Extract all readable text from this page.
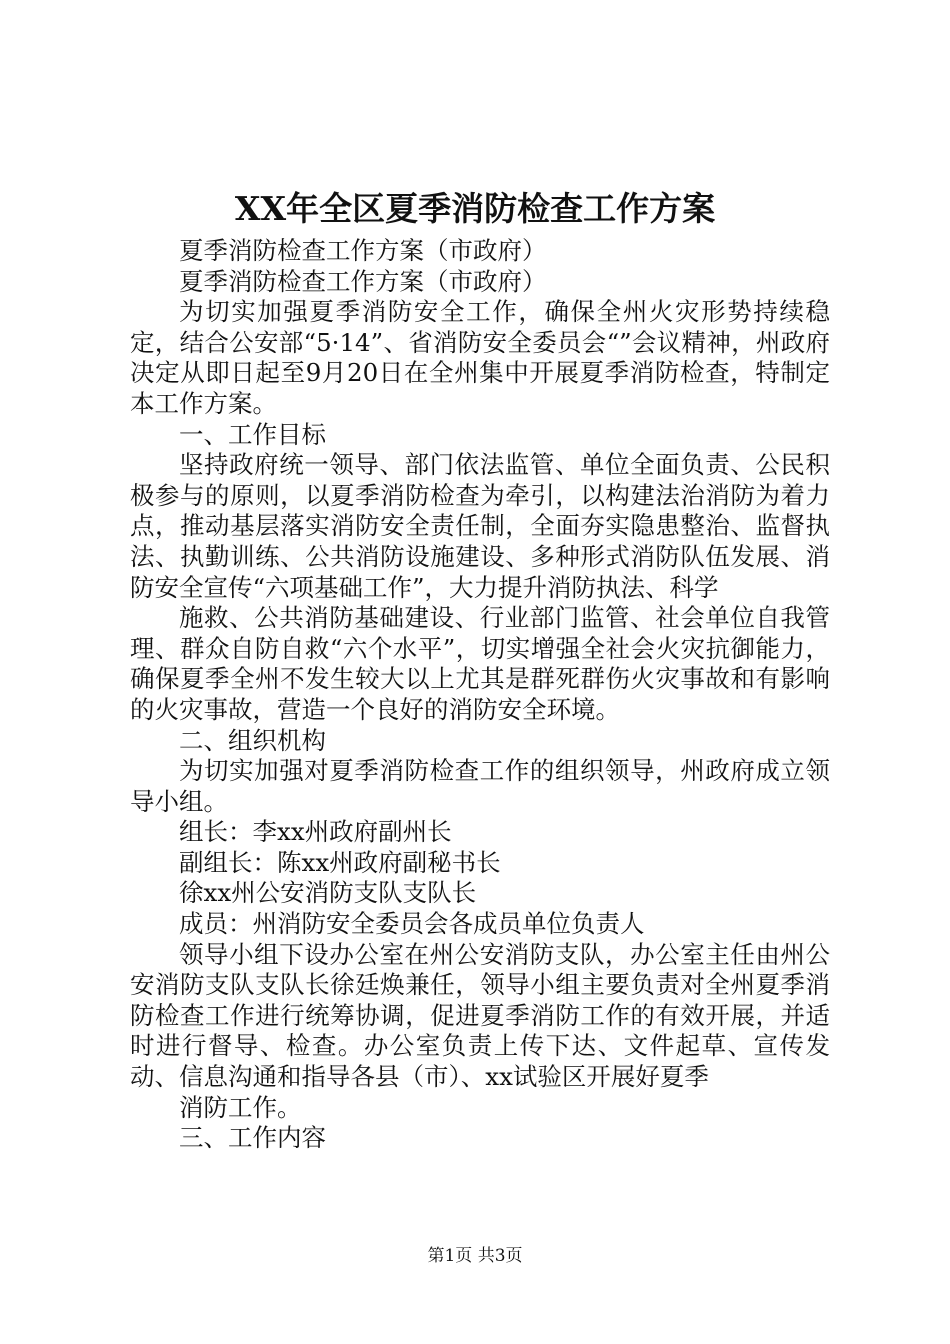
XX年全区夏季消防检查工作方案

夏季消防检查工作方案（市政府）

夏季消防检查工作方案（市政府）

为切实加强夏季消防安全工作，确保全州火灾形势持续稳定，结合公安部“5·14”、省消防安全委员会“”会议精神，州政府决定从即日起至9月20日在全州集中开展夏季消防检查，特制定本工作方案。

一、工作目标

坚持政府统一领导、部门依法监管、单位全面负责、公民积极参与的原则，以夏季消防检查为牵引，以构建法治消防为着力点，推动基层落实消防安全责任制，全面夯实隐患整治、监督执法、执勤训练、公共消防设施建设、多种形式消防队伍发展、消防安全宣传“六项基础工作”，大力提升消防执法、科学

施救、公共消防基础建设、行业部门监管、社会单位自我管理、群众自防自救“六个水平”，切实增强全社会火灾抗御能力，确保夏季全州不发生较大以上尤其是群死群伤火灾事故和有影响的火灾事故，营造一个良好的消防安全环境。

二、组织机构

为切实加强对夏季消防检查工作的组织领导，州政府成立领导小组。

组长：李xx州政府副州长

副组长：陈xx州政府副秘书长

徐xx州公安消防支队支队长

成员：州消防安全委员会各成员单位负责人

领导小组下设办公室在州公安消防支队，办公室主任由州公安消防支队支队长徐廷焕兼任，领导小组主要负责对全州夏季消防检查工作进行统筹协调，促进夏季消防工作的有效开展，并适时进行督导、检查。办公室负责上传下达、文件起草、宣传发动、信息沟通和指导各县（市）、xx试验区开展好夏季

消防工作。

三、工作内容

第1页 共3页
